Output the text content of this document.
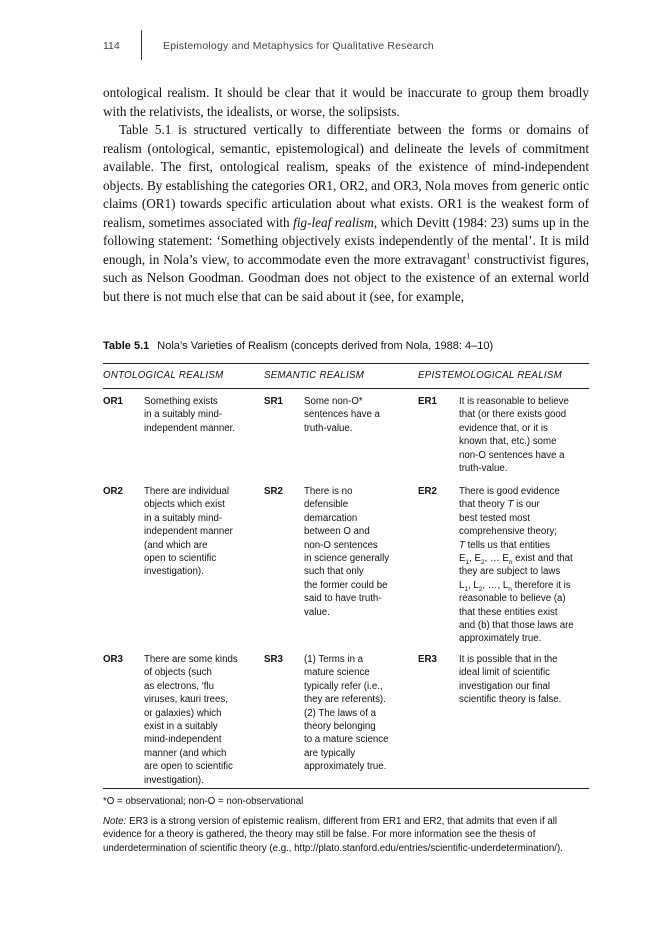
114	Epistemology and Metaphysics for Qualitative Research

ontological realism. It should be clear that it would be inaccurate to group them broadly with the relativists, the idealists, or worse, the solipsists.

Table 5.1 is structured vertically to differentiate between the forms or domains of realism (ontological, semantic, epistemological) and delineate the levels of commitment available. The first, ontological realism, speaks of the existence of mind-independent objects. By establishing the categories OR1, OR2, and OR3, Nola moves from generic ontic claims (OR1) towards specific articulation about what exists. OR1 is the weakest form of realism, sometimes associated with fig-leaf realism, which Devitt (1984: 23) sums up in the following statement: ‘Something objectively exists independently of the mental’. It is mild enough, in Nola’s view, to accommodate even the more extravagant$^1$ constructivist figures, such as Nelson Goodman. Goodman does not object to the existence of an external world but there is not much else that can be said about it (see, for example,

Table 5.1 Nola’s Varieties of Realism (concepts derived from Nola, 1988: 4–10)
ONTOLOGICAL REALISM	SEMANTIC REALISM	EPISTEMOLOGICAL REALISM
OR1	Something exists
in a suitably mind-
independent manner.
SR1	Some non-O*
sentences have a
truth-value.
ER1	It is reasonable to believe
that (or there exists good
evidence that, or it is
known that, etc.) some
non-O sentences have a
truth-value.
OR2	There are individual
objects which exist
in a suitably mind-
independent manner
(and which are
open to scientific
investigation).
SR2	There is no
defensible
demarcation
between O and
non-O sentences
in science generally
such that only
the former could be
said to have truth-
value.
ER2	There is good evidence
that theory T is our
best tested most
comprehensive theory;
T tells us that entities
$E_1$, $E_2$, … $E_n$ exist and that
they are subject to laws
$L_1$, $L_2$, …, $L_n$ therefore it is
reasonable to believe (a)
that these entities exist
and (b) that those laws are
approximately true.
OR3	There are some kinds
of objects (such
as electrons, ‘flu
viruses, kauri trees,
or galaxies) which
exist in a suitably
mind-independent
manner (and which
are open to scientific
investigation).
SR3	(1) Terms in a
mature science
typically refer (i.e.,
they are referents).
(2) The laws of a
theory belonging
to a mature science
are typically
approximately true.
ER3	It is possible that in the
ideal limit of scientific
investigation our final
scientific theory is false.
*O = observational; non-O = non-observational
Note: ER3 is a strong version of epistemic realism, different from ER1 and ER2, that admits that even if all evidence for a theory is gathered, the theory may still be false. For more information see the thesis of underdetermination of scientific theory (e.g., http://plato.stanford.edu/entries/scientific-underdetermination/).
